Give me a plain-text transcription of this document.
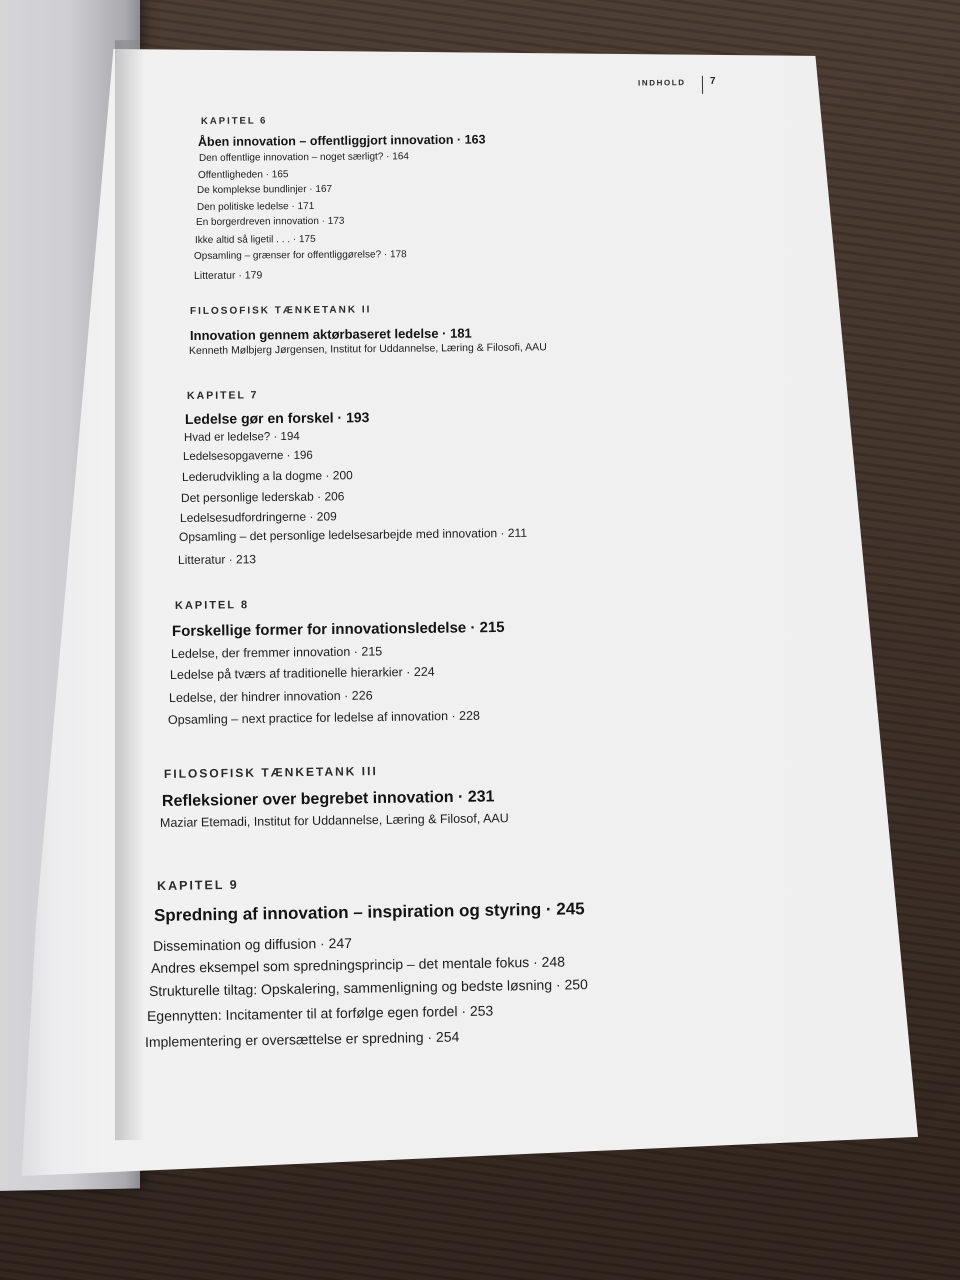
INDHOLD 7
KAPITEL 6
Åben innovation – offentliggjort innovation · 163
Den offentlige innovation – noget særligt? · 164
Offentligheden · 165
De komplekse bundlinjer · 167
Den politiske ledelse · 171
En borgerdreven innovation · 173
Ikke altid så ligetil . . . · 175
Opsamling – grænser for offentliggørelse? · 178
Litteratur · 179
FILOSOFISK TÆNKETANK II
Innovation gennem aktørbaseret ledelse · 181
Kenneth Mølbjerg Jørgensen, Institut for Uddannelse, Læring & Filosofi, AAU
KAPITEL 7
Ledelse gør en forskel · 193
Hvad er ledelse? · 194
Ledelsesopgaverne · 196
Lederudvikling a la dogme · 200
Det personlige lederskab · 206
Ledelsesudfordringerne · 209
Opsamling – det personlige ledelsesarbejde med innovation · 211
Litteratur · 213
KAPITEL 8
Forskellige former for innovationsledelse · 215
Ledelse, der fremmer innovation · 215
Ledelse på tværs af traditionelle hierarkier · 224
Ledelse, der hindrer innovation · 226
Opsamling – next practice for ledelse af innovation · 228
FILOSOFISK TÆNKETANK III
Refleksioner over begrebet innovation · 231
Maziar Etemadi, Institut for Uddannelse, Læring & Filosof, AAU
KAPITEL 9
Spredning af innovation – inspiration og styring · 245
Dissemination og diffusion · 247
Andres eksempel som spredningsprincip – det mentale fokus · 248
Strukturelle tiltag: Opskalering, sammenligning og bedste løsning · 250
Egennytten: Incitamenter til at forfølge egen fordel · 253
Implementering er oversættelse er spredning · 254
